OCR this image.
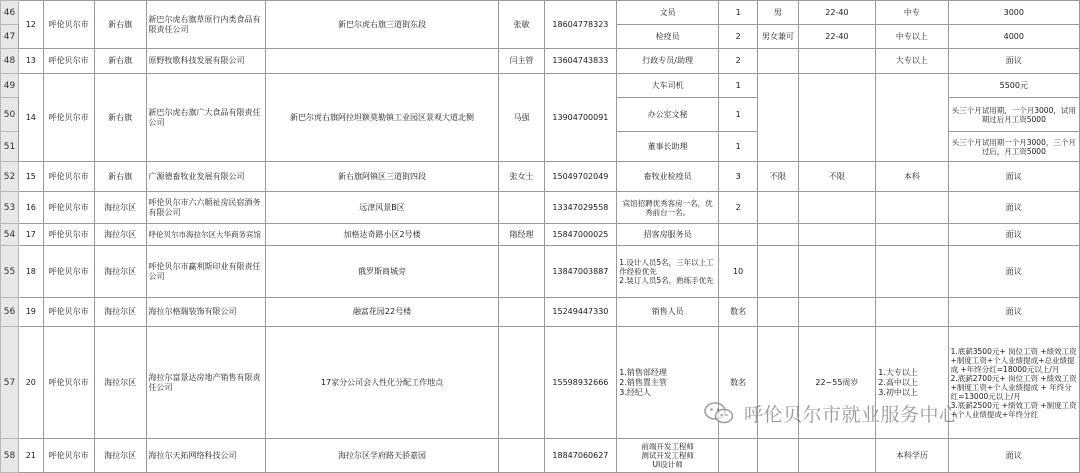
46	12	呼伦贝尔市	新右旗	新巴尔虎右旗草原行内类食品有限责任公司	新巴尔虎右旗三道街东段	张敏	18604778323	文员	1	男	22-40	中专	3000
47								检疫员	2	男女兼可	22-40	中专以上	4000
48	13	呼伦贝尔市	新右旗	原野牧歌科技发展有限公司		闫主管	13604743833	行政专员/助理	2			大专以上	面议
49	14	呼伦贝尔市	新右旗	新巴尔虎右旗广大食品有限责任公司	新巴尔虎右旗阿拉坦额莫勒镇工业园区景观大道北侧	马强	13904700091	大车司机	1				5500元
50								办公室文秘	1				头三个月试用期，一个月3000，试用期过后月工资5000
51								董事长助理	1				头三个月试用期一个月3000，三个月过后，月工资5000
52	15	呼伦贝尔市	新右旗	广源德畜牧业发展有限公司	新右旗阿镇区三道街四段	张女士	15049702049	畜牧业检疫员	3	不限	不限	本科	面议
53	16	呼伦贝尔市	海拉尔区	呼伦贝尔市六六顺祉房民宿酒务有限公司	远津风景B区		13347029558	宾馆招聘优秀客房一名，优秀前台一名。	2				面议
54	17	呼伦贝尔市	海拉尔区	呼伦贝尔市海拉尔区大华商务宾馆	加格达奇路小区2号楼	隋经理	15847000025	招客房服务员					面议
55	18	呼伦贝尔市	海拉尔区	呼伦贝尔市赢利斯印业有限责任公司	俄罗斯商城旁		13847003887	1.设计人员5名，三年以上工作经验优先
2.装订人员5名，熟练手优先	10				面议
56	19	呼伦贝尔市	海拉尔区	海拉尔格瑞装饰有限公司	融富花园22号楼		15249447330	销售人员	数名				面议
57	20	呼伦贝尔市	海拉尔区	海拉尔富景达房地产销售有限责任公司	17家分公司会人性化分配工作地点		15598932666	1.销售部经理
2.销售置主管
3.经纪人	数名		22~55周岁	1.大专以上
2.高中以上
3.初中以上	1.底薪3500元+ 岗位工资 +绩效工资 +制度工资+个人业绩提成+总业绩提成 +年终分红=18000元以上/月
2.底薪2700元+ 岗位工资 +绩效工资 +制度工资+个人业绩提成 + 年终分红=13000元以上/月
3.底薪2500元 +绩效工资 +制度工资+个人业绩提成+年终分红
58	21	呼伦贝尔市	海拉尔区	海拉尔天拓网络科技公司	海拉尔区学府路天骄嘉园		18847060627	前端开发工程师
测试开发工程师
UI设计师				本科学历	面议
呼伦贝尔市就业服务中心
